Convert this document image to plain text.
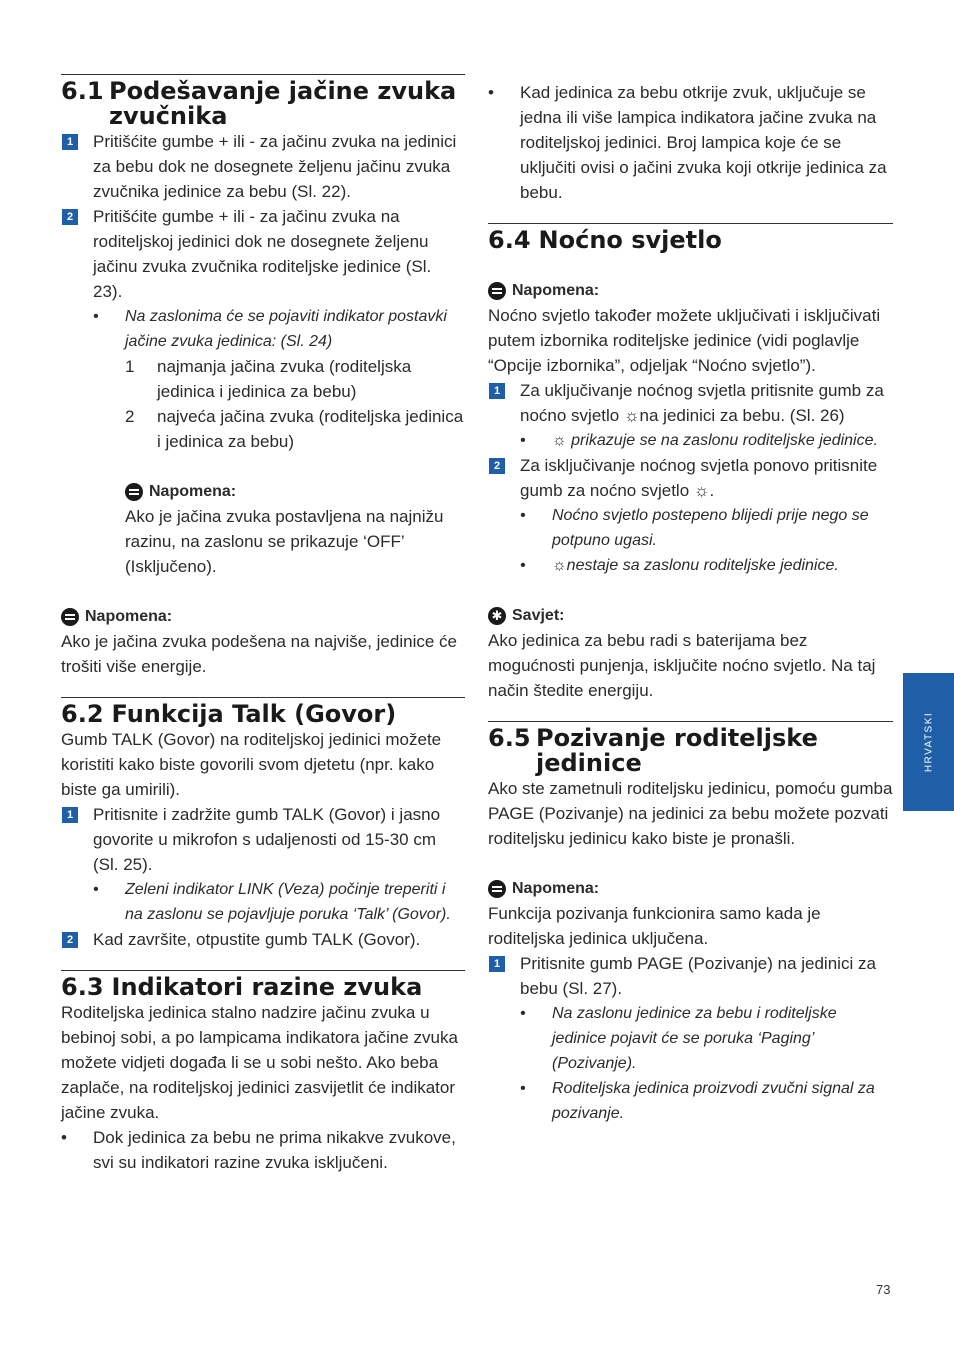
6.1 Podešavanje jačine zvuka zvučnika
1 Pritišćite gumbe + ili - za jačinu zvuka na jedinici za bebu dok ne dosegnete željenu jačinu zvuka zvučnika jedinice za bebu (Sl. 22).
2 Pritišćite gumbe + ili - za jačinu zvuka na roditeljskoj jedinici dok ne dosegnete željenu jačinu zvuka zvučnika roditeljske jedinice (Sl. 23).
• Na zaslonima će se pojaviti indikator postavki jačine zvuka jedinica: (Sl. 24)
1 najmanja jačina zvuka (roditeljska jedinica i jedinica za bebu)
2 najveća jačina zvuka (roditeljska jedinica i jedinica za bebu)

Napomena:

Ako je jačina zvuka postavljena na najnižu razinu, na zaslonu se prikazuje ‘OFF’ (Isključeno).

Napomena:

Ako je jačina zvuka podešena na najviše, jedinice će trošiti više energije.

6.2 Funkcija Talk (Govor)

Gumb TALK (Govor) na roditeljskoj jedinici možete koristiti kako biste govorili svom djetetu (npr. kako biste ga umirili).

1 Pritisnite i zadržite gumb TALK (Govor) i jasno govorite u mikrofon s udaljenosti od 15-30 cm (Sl. 25).
• Zeleni indikator LINK (Veza) počinje treperiti i na zaslonu se pojavljuje poruka ‘Talk’ (Govor).
2 Kad završite, otpustite gumb TALK (Govor).
6.3 Indikatori razine zvuka

Roditeljska jedinica stalno nadzire jačinu zvuka u bebinoj sobi, a po lampicama indikatora jačine zvuka možete vidjeti događa li se u sobi nešto. Ako beba zaplače, na roditeljskoj jedinici zasvijetlit će indikator jačine zvuka.

• Dok jedinica za bebu ne prima nikakve zvukove, svi su indikatori razine zvuka isključeni.
• Kad jedinica za bebu otkrije zvuk, uključuje se jedna ili više lampica indikatora jačine zvuka na roditeljskoj jedinici. Broj lampica koje će se uključiti ovisi o jačini zvuka koji otkrije jedinica za bebu.
6.4 Noćno svjetlo

Napomena:

Noćno svjetlo također možete uključivati i isključivati putem izbornika roditeljske jedinice (vidi poglavlje “Opcije izbornika”, odjeljak “Noćno svjetlo”).

1 Za uključivanje noćnog svjetla pritisnite gumb za noćno svjetlo ☼na jedinici za bebu. (Sl. 26)
• ☼ prikazuje se na zaslonu roditeljske jedinice.
2 Za isključivanje noćnog svjetla ponovo pritisnite gumb za noćno svjetlo ☼.
• Noćno svjetlo postepeno blijedi prije nego se potpuno ugasi.
• ☼nestaje sa zaslonu roditeljske jedinice.

✱ Savjet:

Ako jedinica za bebu radi s baterijama bez mogućnosti punjenja, isključite noćno svjetlo. Na taj način štedite energiju.

6.5 Pozivanje roditeljske jedinice

Ako ste zametnuli roditeljsku jedinicu, pomoću gumba PAGE (Pozivanje) na jedinici za bebu možete pozvati roditeljsku jedinicu kako biste je pronašli.

Napomena:

Funkcija pozivanja funkcionira samo kada je roditeljska jedinica uključena.

1 Pritisnite gumb PAGE (Pozivanje) na jedinici za bebu (Sl. 27).
• Na zaslonu jedinice za bebu i roditeljske jedinice pojavit će se poruka ‘Paging’ (Pozivanje).
• Roditeljska jedinica proizvodi zvučni signal za pozivanje.
HRVATSKI
73
